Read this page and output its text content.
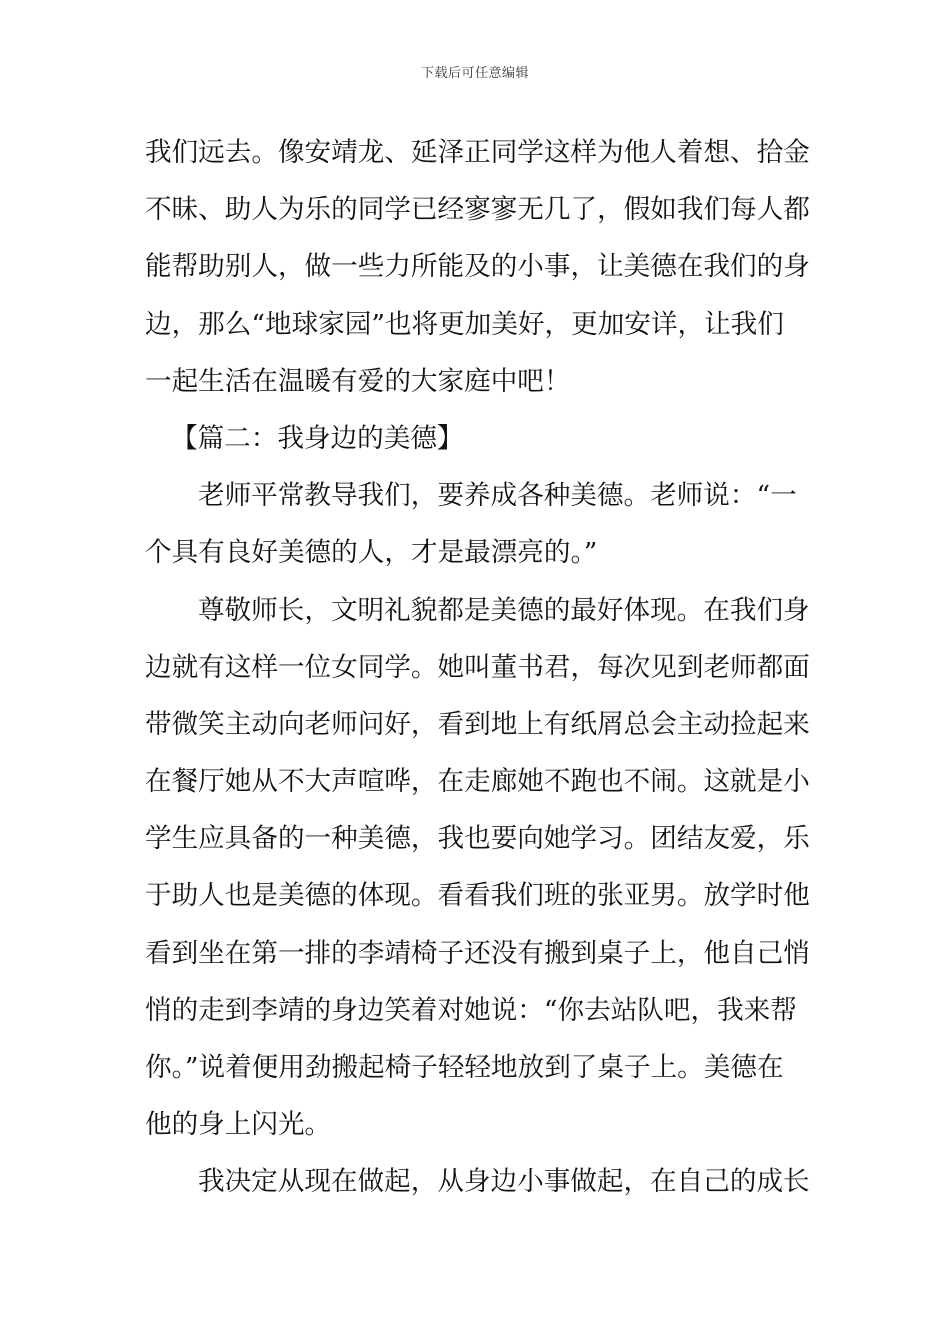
下载后可任意编辑
我们远去。像安靖龙、延泽正同学这样为他人着想、拾金
不昧、助人为乐的同学已经寥寥无几了，假如我们每人都
能帮助别人，做一些力所能及的小事，让美德在我们的身
边，那么“地球家园”也将更加美好，更加安详，让我们
一起生活在温暖有爱的大家庭中吧！
【篇二：我身边的美德】
老师平常教导我们，要养成各种美德。老师说：“一
个具有良好美德的人，才是最漂亮的。”
尊敬师长，文明礼貌都是美德的最好体现。在我们身
边就有这样一位女同学。她叫董书君，每次见到老师都面
带微笑主动向老师问好，看到地上有纸屑总会主动捡起来
在餐厅她从不大声喧哗，在走廊她不跑也不闹。这就是小
学生应具备的一种美德，我也要向她学习。团结友爱，乐
于助人也是美德的体现。看看我们班的张亚男。放学时他
看到坐在第一排的李靖椅子还没有搬到桌子上，他自己悄
悄的走到李靖的身边笑着对她说：“你去站队吧，我来帮
你。”说着便用劲搬起椅子轻轻地放到了桌子上。美德在
他的身上闪光。
我决定从现在做起，从身边小事做起，在自己的成长
